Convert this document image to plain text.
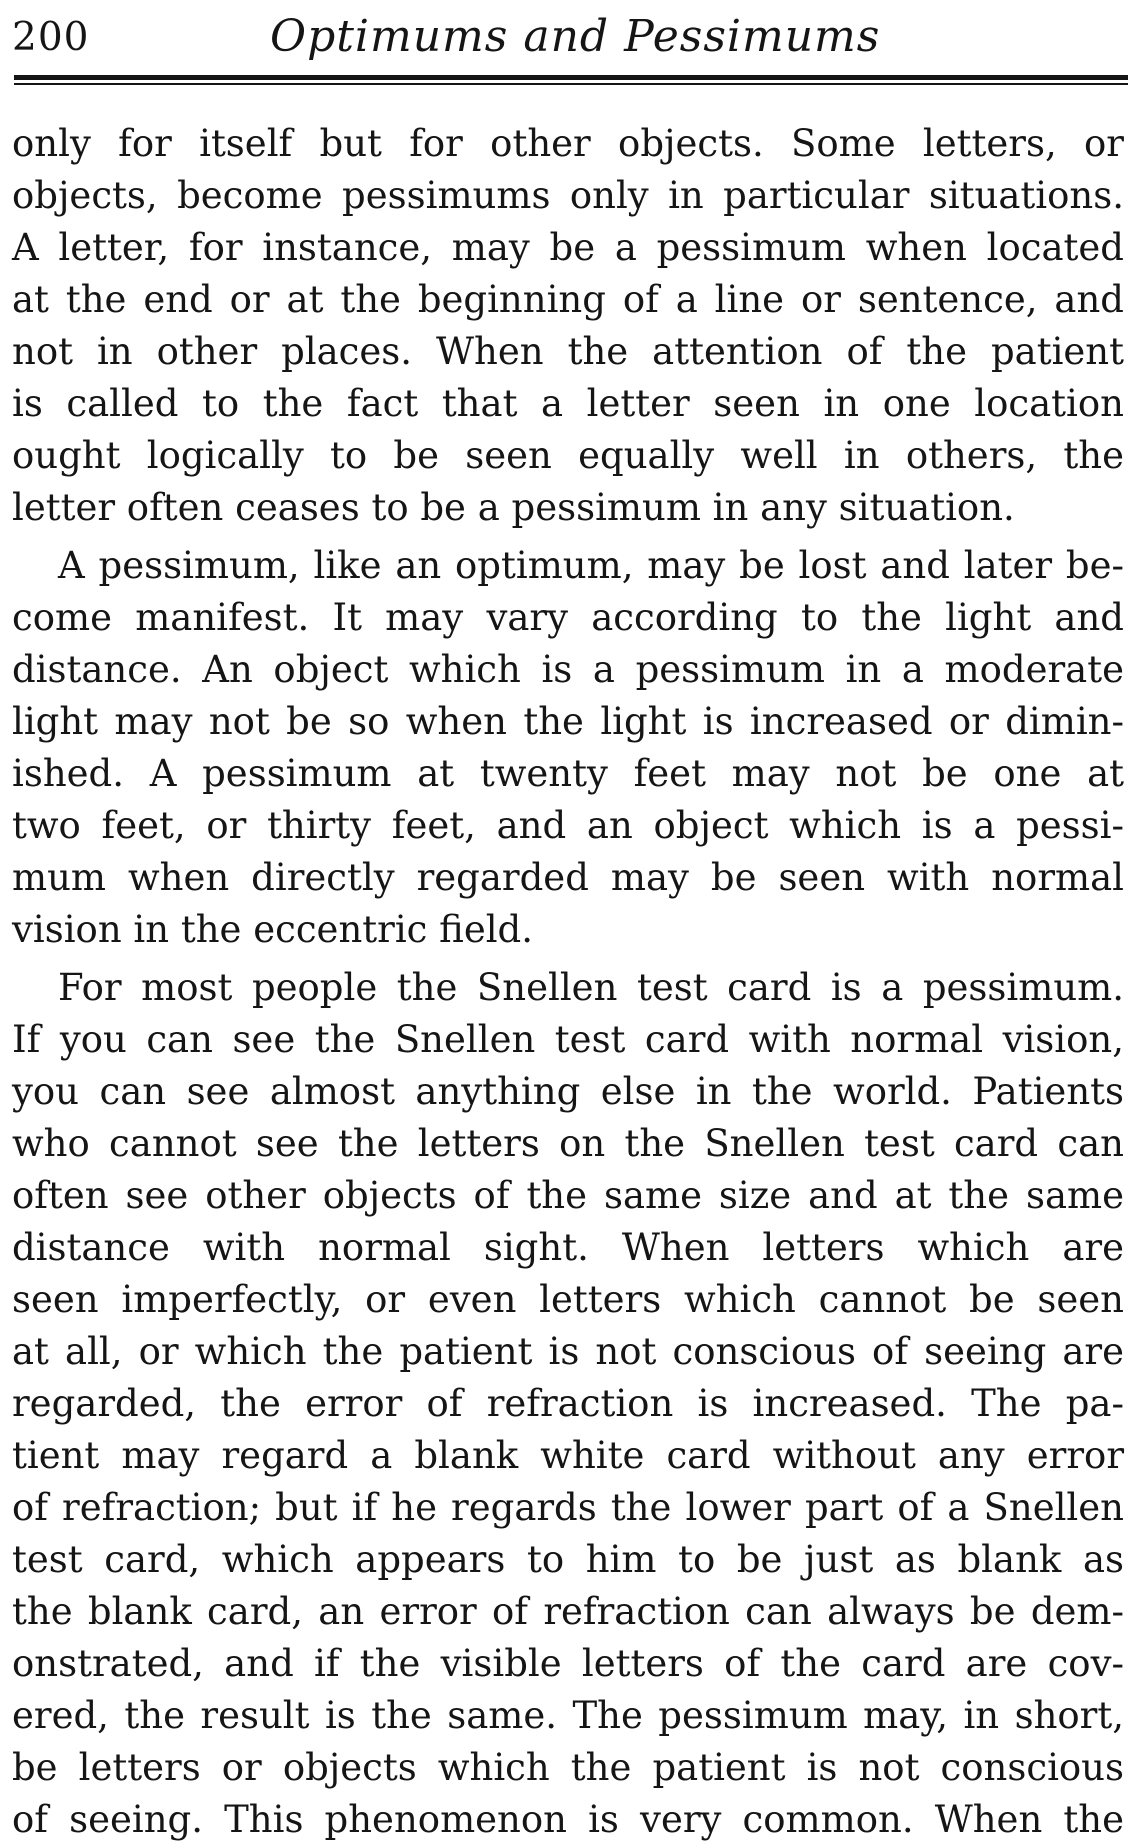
200	Optimums and Pessimums
only for itself but for other objects. Some letters, or
objects, become pessimums only in particular situations.
A letter, for instance, may be a pessimum when located
at the end or at the beginning of a line or sentence, and
not in other places. When the attention of the patient
is called to the fact that a letter seen in one location
ought logically to be seen equally well in others, the
letter often ceases to be a pessimum in any situation.
A pessimum, like an optimum, may be lost and later be-
come manifest. It may vary according to the light and
distance. An object which is a pessimum in a moderate
light may not be so when the light is increased or dimin-
ished. A pessimum at twenty feet may not be one at
two feet, or thirty feet, and an object which is a pessi-
mum when directly regarded may be seen with normal
vision in the eccentric field.
For most people the Snellen test card is a pessimum.
If you can see the Snellen test card with normal vision,
you can see almost anything else in the world. Patients
who cannot see the letters on the Snellen test card can
often see other objects of the same size and at the same
distance with normal sight. When letters which are
seen imperfectly, or even letters which cannot be seen
at all, or which the patient is not conscious of seeing are
regarded, the error of refraction is increased. The pa-
tient may regard a blank white card without any error
of refraction; but if he regards the lower part of a Snellen
test card, which appears to him to be just as blank as
the blank card, an error of refraction can always be dem-
onstrated, and if the visible letters of the card are cov-
ered, the result is the same. The pessimum may, in short,
be letters or objects which the patient is not conscious
of seeing. This phenomenon is very common. When the
